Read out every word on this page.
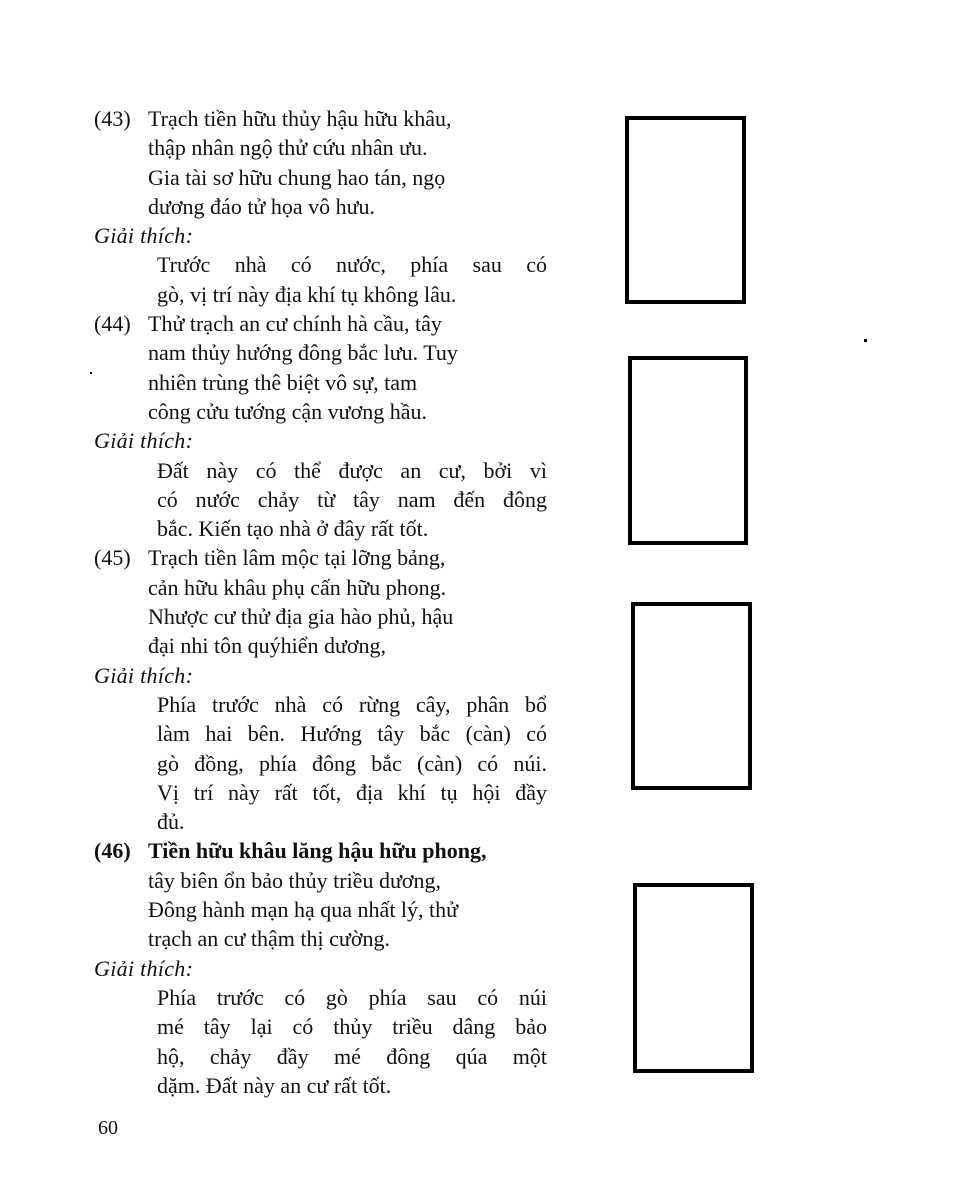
(43) Trạch tiền hữu thủy hậu hữu khâu,
thập nhân ngộ thử cứu nhân ưu.
Gia tài sơ hữu chung hao tán, ngọ
dương đáo tử họa vô hưu.
Giải thích:
Trước nhà có nước, phía sau có
gò, vị trí này địa khí tụ không lâu.
(44) Thử trạch an cư chính hà cầu, tây
nam thủy hướng đông bắc lưu. Tuy
nhiên trùng thê biệt vô sự, tam
công cửu tướng cận vương hầu.
Giải thích:
Đất này có thể được an cư, bởi vì
có nước chảy từ tây nam đến đông
bắc. Kiến tạo nhà ở đây rất tốt.
(45) Trạch tiền lâm mộc tại lỡng bảng,
cản hữu khâu phụ cấn hữu phong.
Nhược cư thử địa gia hào phủ, hậu
đại nhi tôn quýhiển dương,
Giải thích:
Phía trước nhà có rừng cây, phân bổ
làm hai bên. Hướng tây bắc (càn) có
gò đồng, phía đông bắc (càn) có núi.
Vị trí này rất tốt, địa khí tụ hội đầy
đủ.
(46) Tiền hữu khâu lăng hậu hữu phong,
tây biên ổn bảo thủy triều dương,
Đông hành mạn hạ qua nhất lý, thử
trạch an cư thậm thị cường.
Giải thích:
Phía trước có gò phía sau có núi
mé tây lại có thủy triều dâng bảo
hộ, chảy đầy mé đông qúa một
dặm. Đất này an cư rất tốt.
60
